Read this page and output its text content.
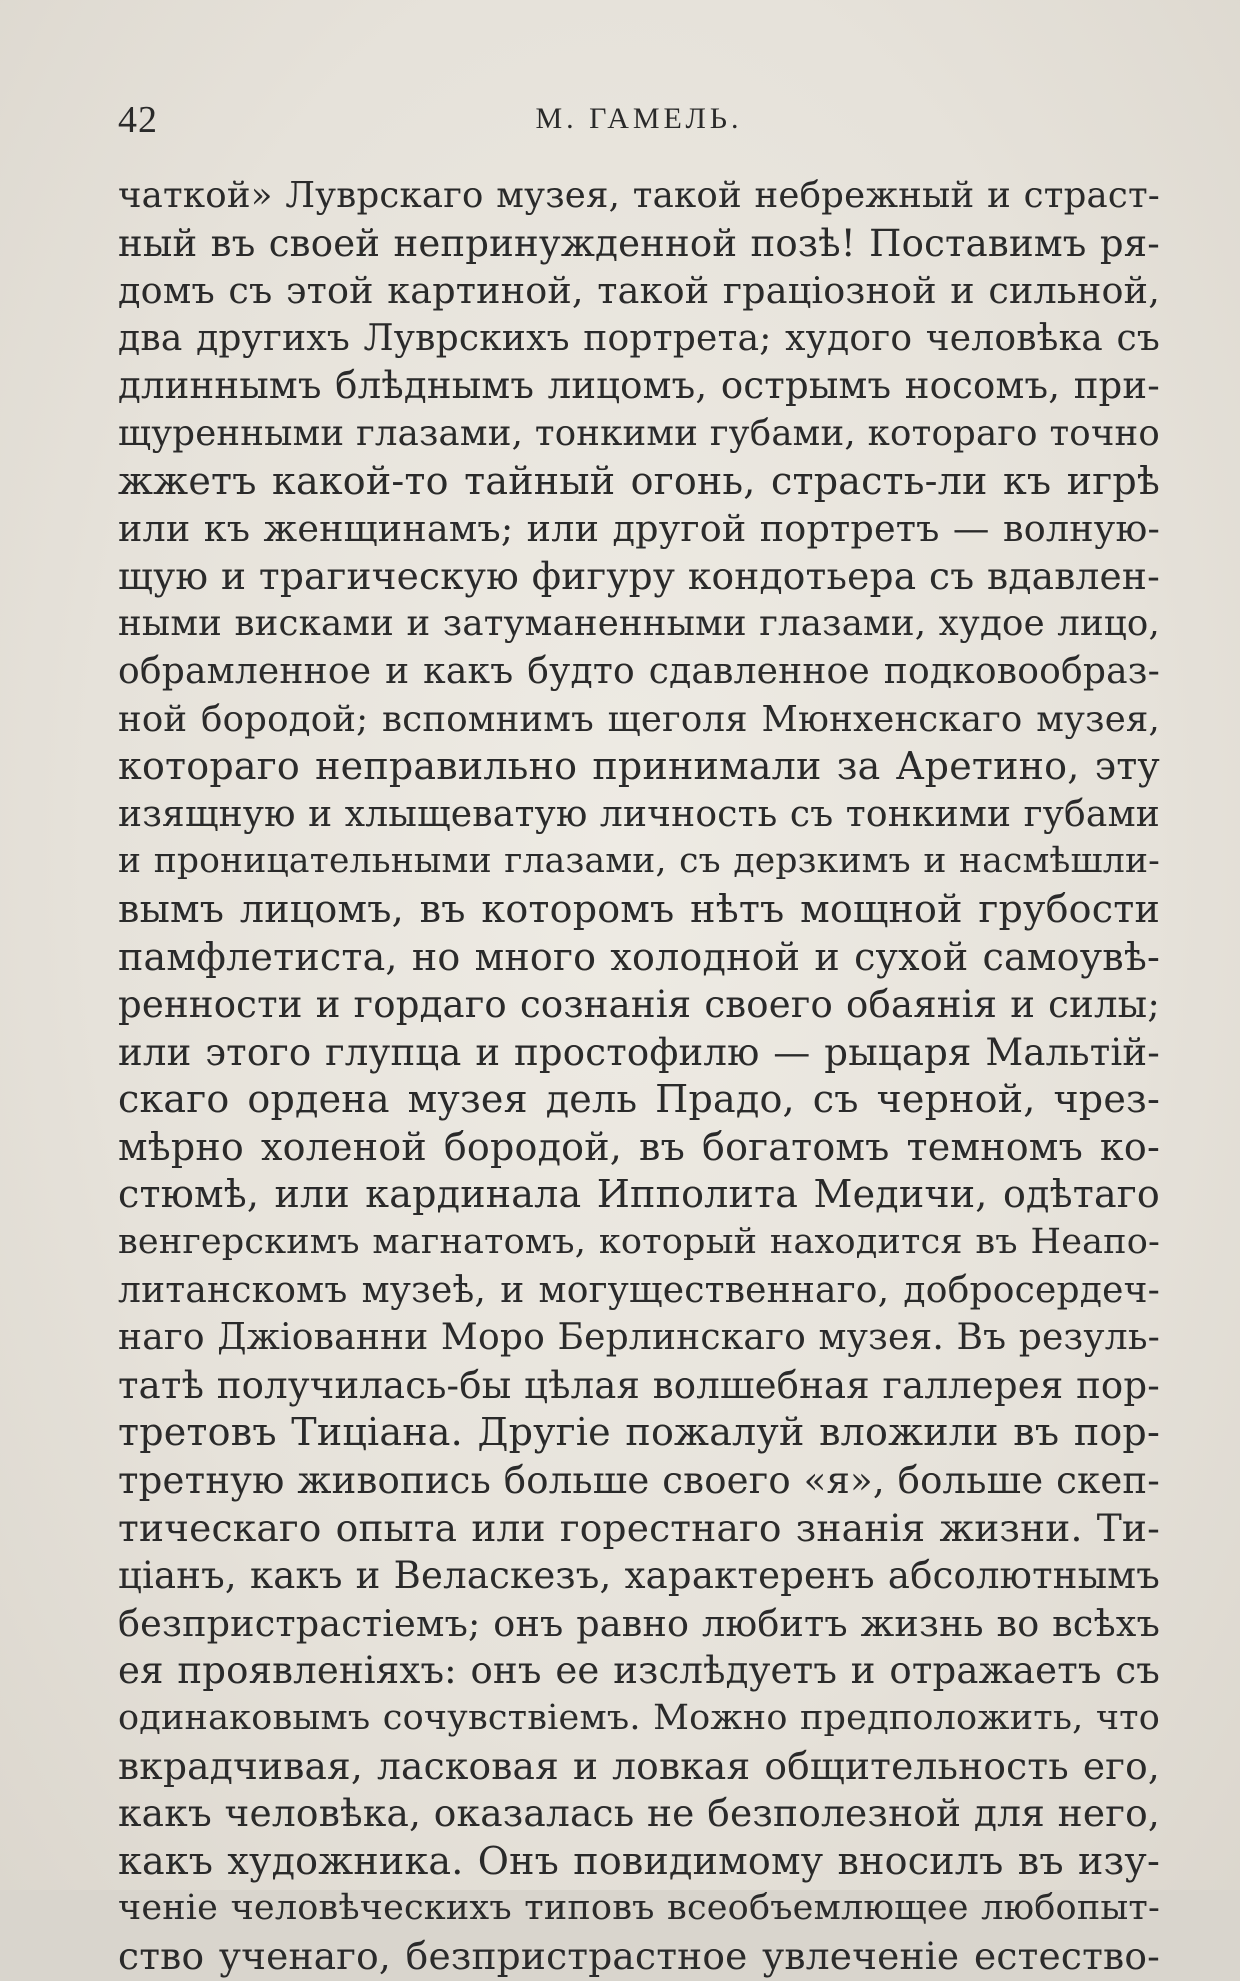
42	М. ГАМЕЛЬ.
чаткой» Луврскаго музея, такой небрежный и страст-
ный въ своей непринужденной позѣ! Поставимъ ря-
домъ съ этой картиной, такой граціозной и сильной,
два другихъ Луврскихъ портрета; худого человѣка съ
длиннымъ блѣднымъ лицомъ, острымъ носомъ, при-
щуренными глазами, тонкими губами, котораго точно
жжетъ какой-то тайный огонь, страсть-ли къ игрѣ
или къ женщинамъ; или другой портретъ — волную-
щую и трагическую фигуру кондотьера съ вдавлен-
ными висками и затуманенными глазами, худое лицо,
обрамленное и какъ будто сдавленное подковообраз-
ной бородой; вспомнимъ щеголя Мюнхенскаго музея,
котораго неправильно принимали за Аретино, эту
изящную и хлыщеватую личность съ тонкими губами
и проницательными глазами, съ дерзкимъ и насмѣшли-
вымъ лицомъ, въ которомъ нѣтъ мощной грубости
памфлетиста, но много холодной и сухой самоувѣ-
ренности и гордаго сознанія своего обаянія и силы;
или этого глупца и простофилю — рыцаря Мальтій-
скаго ордена музея дель Прадо, съ черной, чрез-
мѣрно холеной бородой, въ богатомъ темномъ ко-
стюмѣ, или кардинала Ипполита Медичи, одѣтаго
венгерскимъ магнатомъ, который находится въ Неапо-
литанскомъ музеѣ, и могущественнаго, добросердеч-
наго Джіованни Моро Берлинскаго музея. Въ резуль-
татѣ получилась-бы цѣлая волшебная галлерея пор-
третовъ Тиціана. Другіе пожалуй вложили въ пор-
третную живопись больше своего «я», больше скеп-
тическаго опыта или горестнаго знанія жизни. Ти-
ціанъ, какъ и Веласкезъ, характеренъ абсолютнымъ
безпристрастіемъ; онъ равно любитъ жизнь во всѣхъ
ея проявленіяхъ: онъ ее изслѣдуетъ и отражаетъ съ
одинаковымъ сочувствіемъ. Можно предположить, что
вкрадчивая, ласковая и ловкая общительность его,
какъ человѣка, оказалась не безполезной для него,
какъ художника. Онъ повидимому вносилъ въ изу-
ченіе человѣческихъ типовъ всеобъемлющее любопыт-
ство ученаго, безпристрастное увлеченіе естество-
